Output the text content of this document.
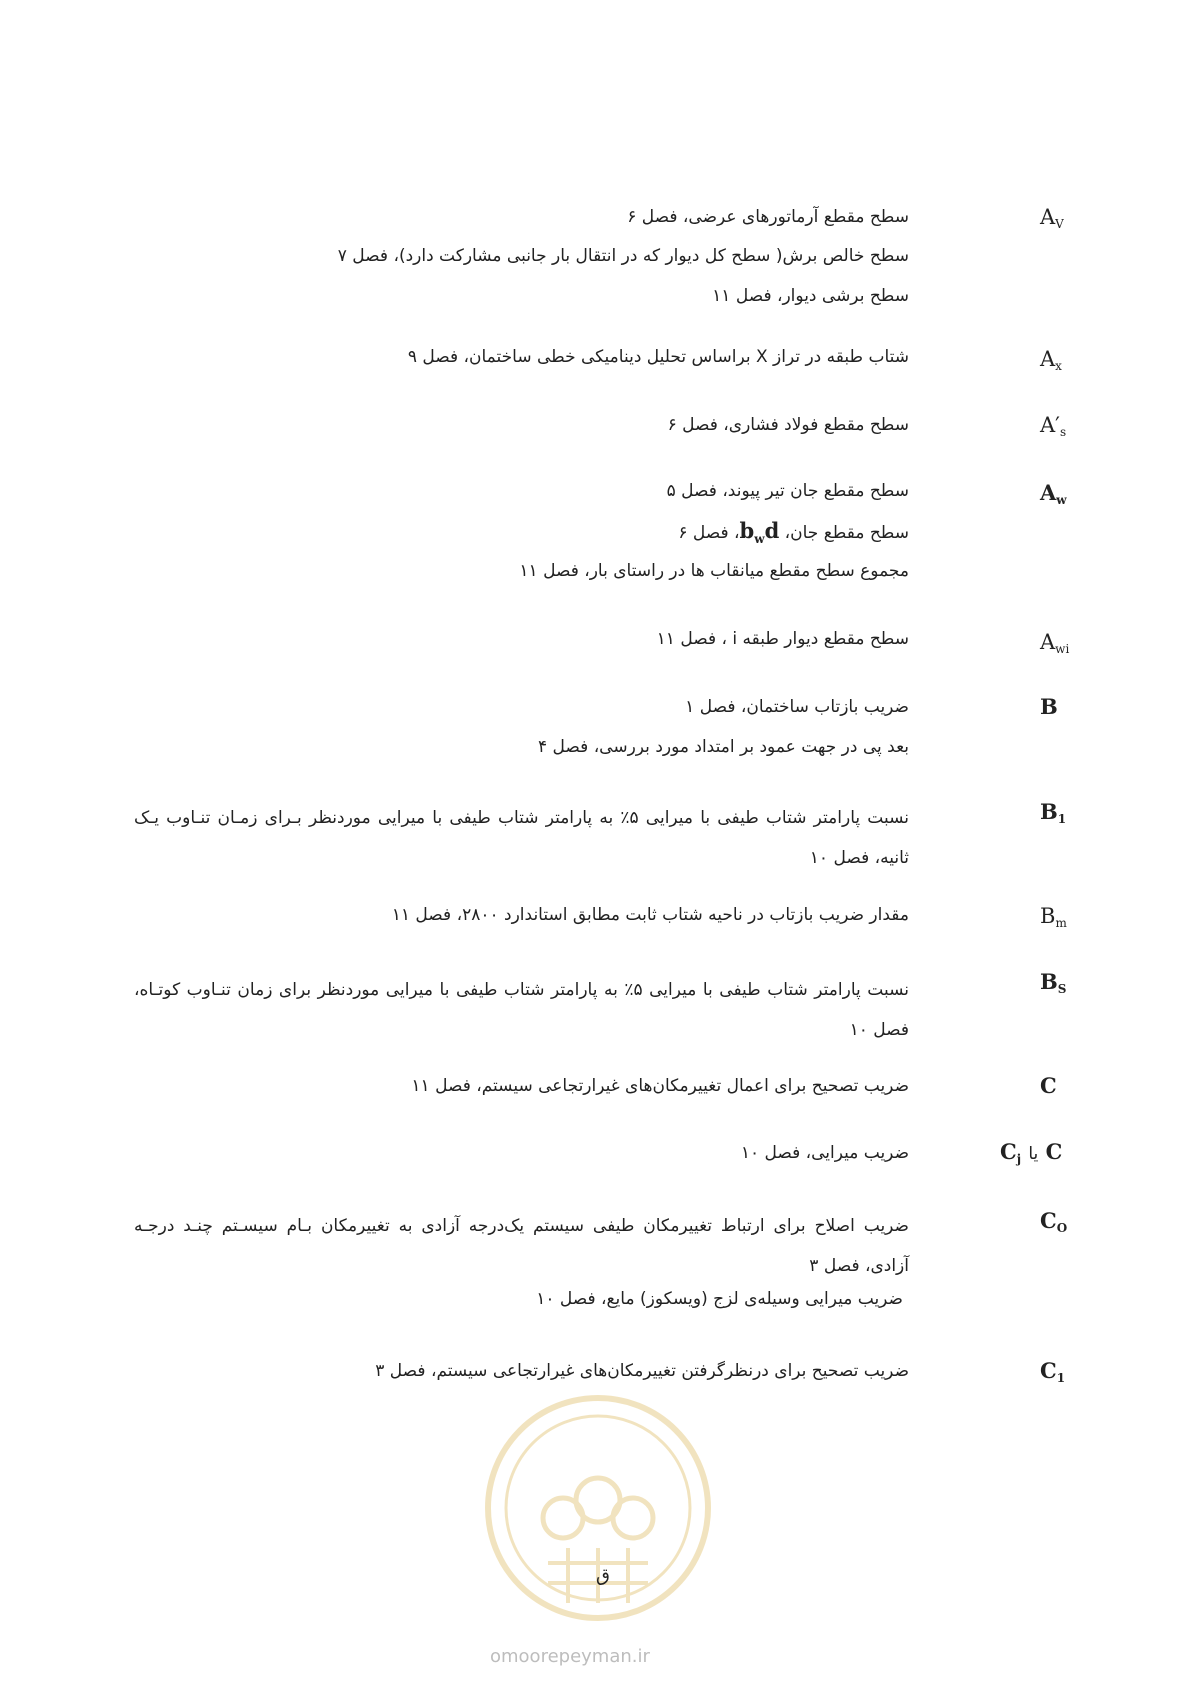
$A_V$
سطح مقطع آرماتورهای عرضی، فصل ۶
سطح خالص برش( سطح کل دیوار که در انتقال بار جانبی مشارکت دارد)، فصل ۷
سطح برشی دیوار، فصل ۱۱
$A_x$
شتاب طبقه در تراز X براساس تحلیل دینامیکی خطی ساختمان، فصل ۹
$A'_s$
سطح مقطع فولاد فشاری، فصل ۶
$A_w$
سطح مقطع جان تیر پیوند، فصل ۵
سطح مقطع جان، $b_wd،$ فصل ۶
مجموع سطح مقطع میانقاب ها در راستای بار، فصل ۱۱
$A_{wi}$
سطح مقطع دیوار طبقه i ، فصل ۱۱
B
ضریب بازتاب ساختمان، فصل ۱
بعد پی در جهت عمود بر امتداد مورد بررسی، فصل ۴
$B_1$
نسبت پارامتر شتاب طیفی با میرایی ۵٪ به پارامتر شتاب طیفی با میرایی موردنظر بـرای زمـان تنـاوب یـک ثانیه، فصل ۱۰
$B_m$
مقدار ضریب بازتاب در ناحیه شتاب ثابت مطابق استاندارد ۲۸۰۰، فصل ۱۱
$B_S$
نسبت پارامتر شتاب طیفی با میرایی ۵٪ به پارامتر شتاب طیفی با میرایی موردنظر برای زمان تنـاوب کوتـاه، فصل ۱۰
C
ضریب تصحیح برای اعمال تغییرمکان‌های غیرارتجاعی سیستم، فصل ۱۱
$C_j$ یا C
ضریب میرایی، فصل ۱۰
$C_O$
ضریب اصلاح برای ارتباط تغییرمکان طیفی سیستم یک‌درجه آزادی به تغییرمکان بـام سیسـتم چنـد درجـه آزادی، فصل ۳
ضریب میرایی وسیله‌ی لزج (ویسکوز) مایع، فصل ۱۰
$C_1$
ضریب تصحیح برای درنظرگرفتن تغییرمکان‌های غیرارتجاعی سیستم، فصل ۳
ق
omoorepeyman.ir
